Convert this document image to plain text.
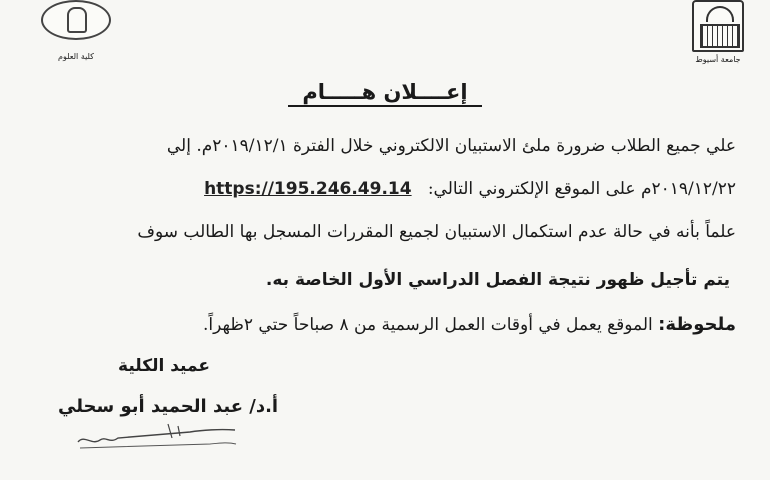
جامعة أسيوط
كلية العلوم
إعــــلان هـــــام
علي جميع الطلاب ضرورة ملئ الاستبيان الالكتروني خلال الفترة ٢٠١٩/١٢/١م. إلي
٢٠١٩/١٢/٢٢م على الموقع الإلكتروني التالي:   https://195.246.49.14
علماً بأنه في حالة عدم استكمال الاستبيان لجميع المقررات المسجل بها الطالب سوف
يتم تأجيل ظهور نتيجة الفصل الدراسي الأول الخاصة به.
ملحوظة: الموقع يعمل في أوقات العمل الرسمية من ٨ صباحاً حتي ٢ظهراً.
عميد الكلية
أ.د/ عبد الحميد أبو سحلي
